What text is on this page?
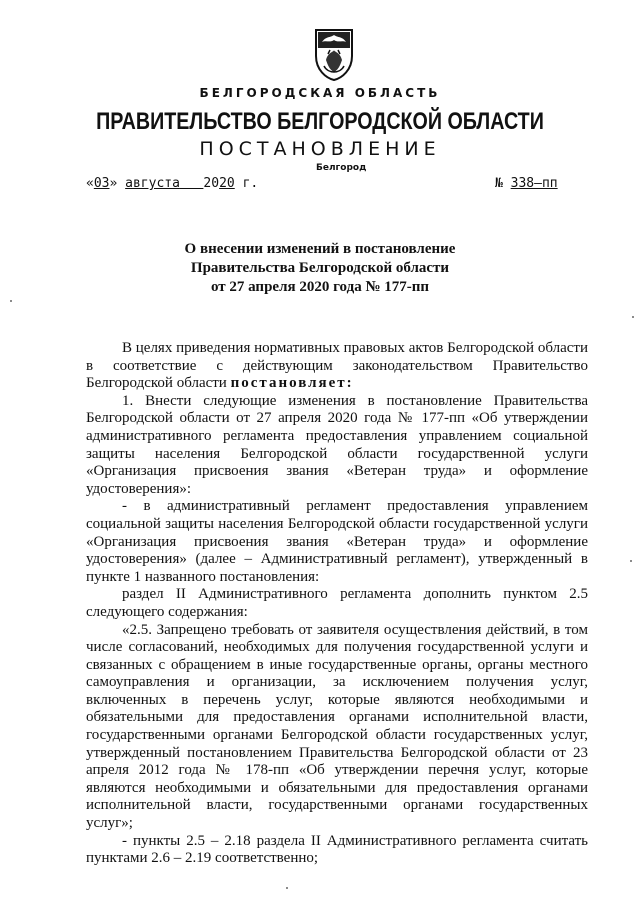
БЕЛГОРОДСКАЯ ОБЛАСТЬ
ПРАВИТЕЛЬСТВО БЕЛГОРОДСКОЙ ОБЛАСТИ
ПОСТАНОВЛЕНИЕ
Белгород
«03» августа 2020 г.	№ 338–пп
О внесении изменений в постановление
Правительства Белгородской области
от 27 апреля 2020 года № 177-пп

В целях приведения нормативных правовых актов Белгородской области в соответствие с действующим законодательством Правительство Белгородской области постановляет:

1. Внести следующие изменения в постановление Правительства Белгородской области от 27 апреля 2020 года № 177-пп «Об утверждении административного регламента предоставления управлением социальной защиты населения Белгородской области государственной услуги «Организация присвоения звания «Ветеран труда» и оформление удостоверения»:

- в административный регламент предоставления управлением социальной защиты населения Белгородской области государственной услуги «Организация присвоения звания «Ветеран труда» и оформление удостоверения» (далее – Административный регламент), утвержденный в пункте 1 названного постановления:

раздел II Административного регламента дополнить пунктом 2.5 следующего содержания:

«2.5. Запрещено требовать от заявителя осуществления действий, в том числе согласований, необходимых для получения государственной услуги и связанных с обращением в иные государственные органы, органы местного самоуправления и организации, за исключением получения услуг, включенных в перечень услуг, которые являются необходимыми и обязательными для предоставления органами исполнительной власти, государственными органами Белгородской области государственных услуг, утвержденный постановлением Правительства Белгородской области от 23 апреля 2012 года № 178-пп «Об утверждении перечня услуг, которые являются необходимыми и обязательными для предоставления органами исполнительной власти, государственными органами государственных услуг»;

- пункты 2.5 – 2.18 раздела II Административного регламента считать пунктами 2.6 – 2.19 соответственно;
